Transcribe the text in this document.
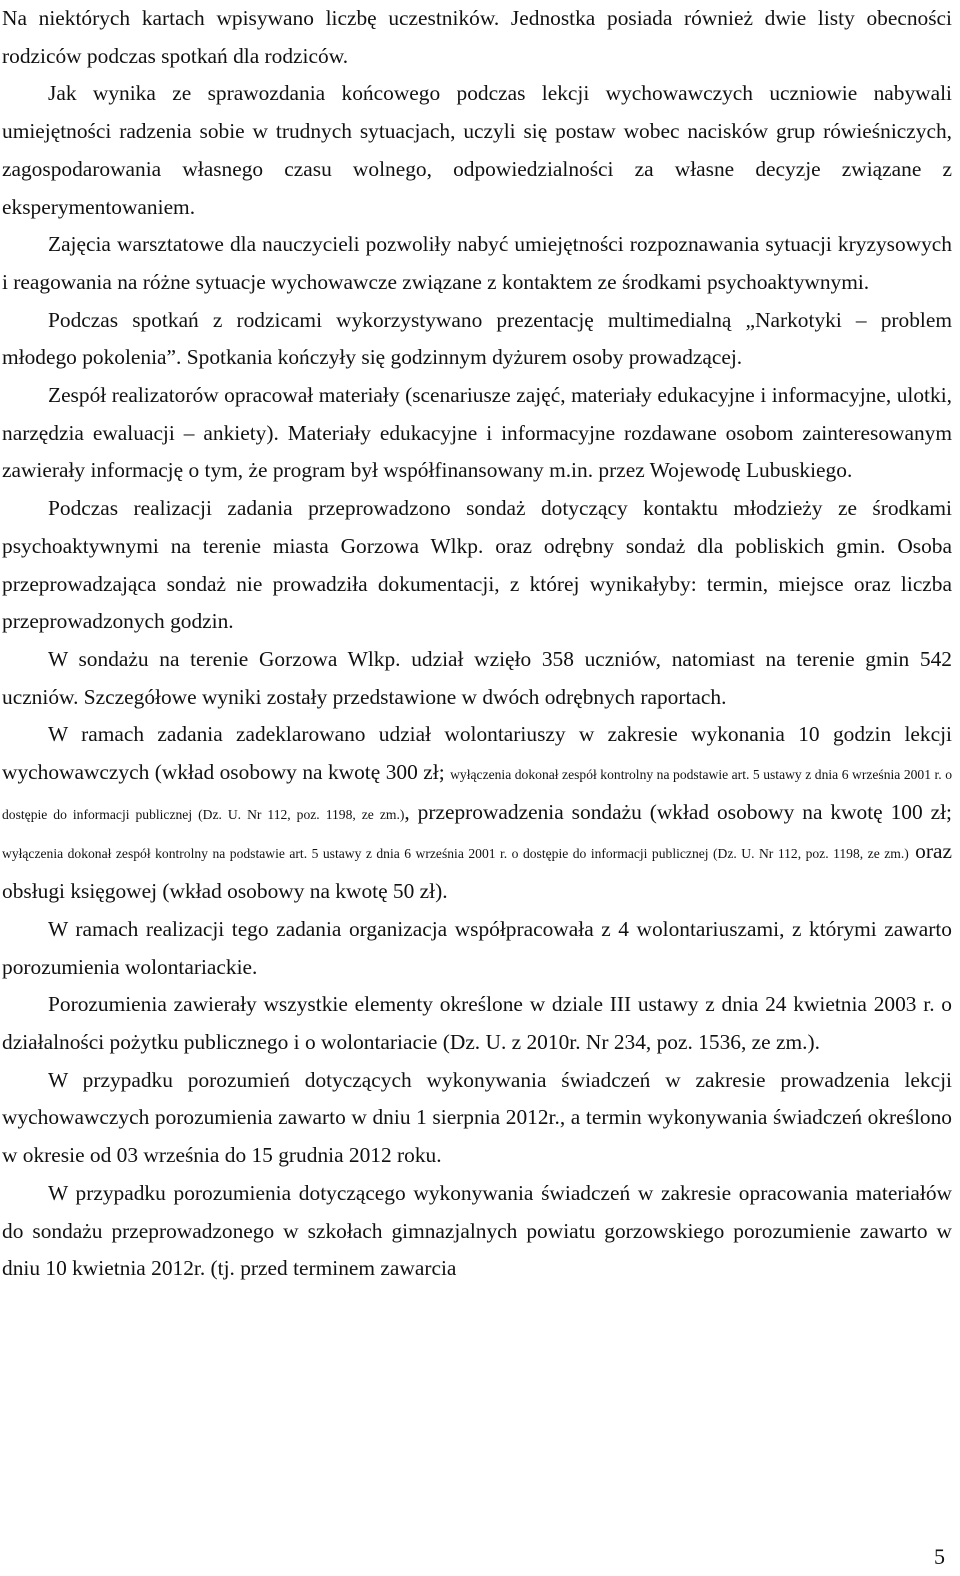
Na niektórych kartach wpisywano liczbę uczestników. Jednostka posiada również dwie listy obecności rodziców podczas spotkań dla rodziców.

Jak wynika ze sprawozdania końcowego podczas lekcji wychowawczych uczniowie nabywali umiejętności radzenia sobie w trudnych sytuacjach, uczyli się postaw wobec nacisków grup rówieśniczych, zagospodarowania własnego czasu wolnego, odpowiedzialności za własne decyzje związane z eksperymentowaniem.

Zajęcia warsztatowe dla nauczycieli pozwoliły nabyć umiejętności rozpoznawania sytuacji kryzysowych i reagowania na różne sytuacje wychowawcze związane z kontaktem ze środkami psychoaktywnymi.

Podczas spotkań z rodzicami wykorzystywano prezentację multimedialną „Narkotyki – problem młodego pokolenia”. Spotkania kończyły się godzinnym dyżurem osoby prowadzącej.

Zespół realizatorów opracował materiały (scenariusze zajęć, materiały edukacyjne i informacyjne, ulotki, narzędzia ewaluacji – ankiety). Materiały edukacyjne i informacyjne rozdawane osobom zainteresowanym zawierały informację o tym, że program był współfinansowany m.in. przez Wojewodę Lubuskiego.

Podczas realizacji zadania przeprowadzono sondaż dotyczący kontaktu młodzieży ze środkami psychoaktywnymi na terenie miasta Gorzowa Wlkp. oraz odrębny sondaż dla pobliskich gmin. Osoba przeprowadzająca sondaż nie prowadziła dokumentacji, z której wynikałyby: termin, miejsce oraz liczba przeprowadzonych godzin.

W sondażu na terenie Gorzowa Wlkp. udział wzięło 358 uczniów, natomiast na terenie gmin 542 uczniów. Szczegółowe wyniki zostały przedstawione w dwóch odrębnych raportach.

W ramach zadania zadeklarowano udział wolontariuszy w zakresie wykonania 10 godzin lekcji wychowawczych (wkład osobowy na kwotę 300 zł; wyłączenia dokonał zespół kontrolny na podstawie art. 5 ustawy z dnia 6 września 2001 r. o dostępie do informacji publicznej (Dz. U. Nr 112, poz. 1198, ze zm.), przeprowadzenia sondażu (wkład osobowy na kwotę 100 zł; wyłączenia dokonał zespół kontrolny na podstawie art. 5 ustawy z dnia 6 września 2001 r. o dostępie do informacji publicznej (Dz. U. Nr 112, poz. 1198, ze zm.) oraz obsługi księgowej (wkład osobowy na kwotę 50 zł).

W ramach realizacji tego zadania organizacja współpracowała z 4 wolontariuszami, z którymi zawarto porozumienia wolontariackie.

Porozumienia zawierały wszystkie elementy określone w dziale III ustawy z dnia 24 kwietnia 2003 r. o działalności pożytku publicznego i o wolontariacie (Dz. U. z 2010r. Nr 234, poz. 1536, ze zm.).

W przypadku porozumień dotyczących wykonywania świadczeń w zakresie prowadzenia lekcji wychowawczych porozumienia zawarto w dniu 1 sierpnia 2012r., a termin wykonywania świadczeń określono w okresie od 03 września do 15 grudnia 2012 roku.

W przypadku porozumienia dotyczącego wykonywania świadczeń w zakresie opracowania materiałów do sondażu przeprowadzonego w szkołach gimnazjalnych powiatu gorzowskiego porozumienie zawarto w dniu 10 kwietnia 2012r. (tj. przed terminem zawarcia

5
